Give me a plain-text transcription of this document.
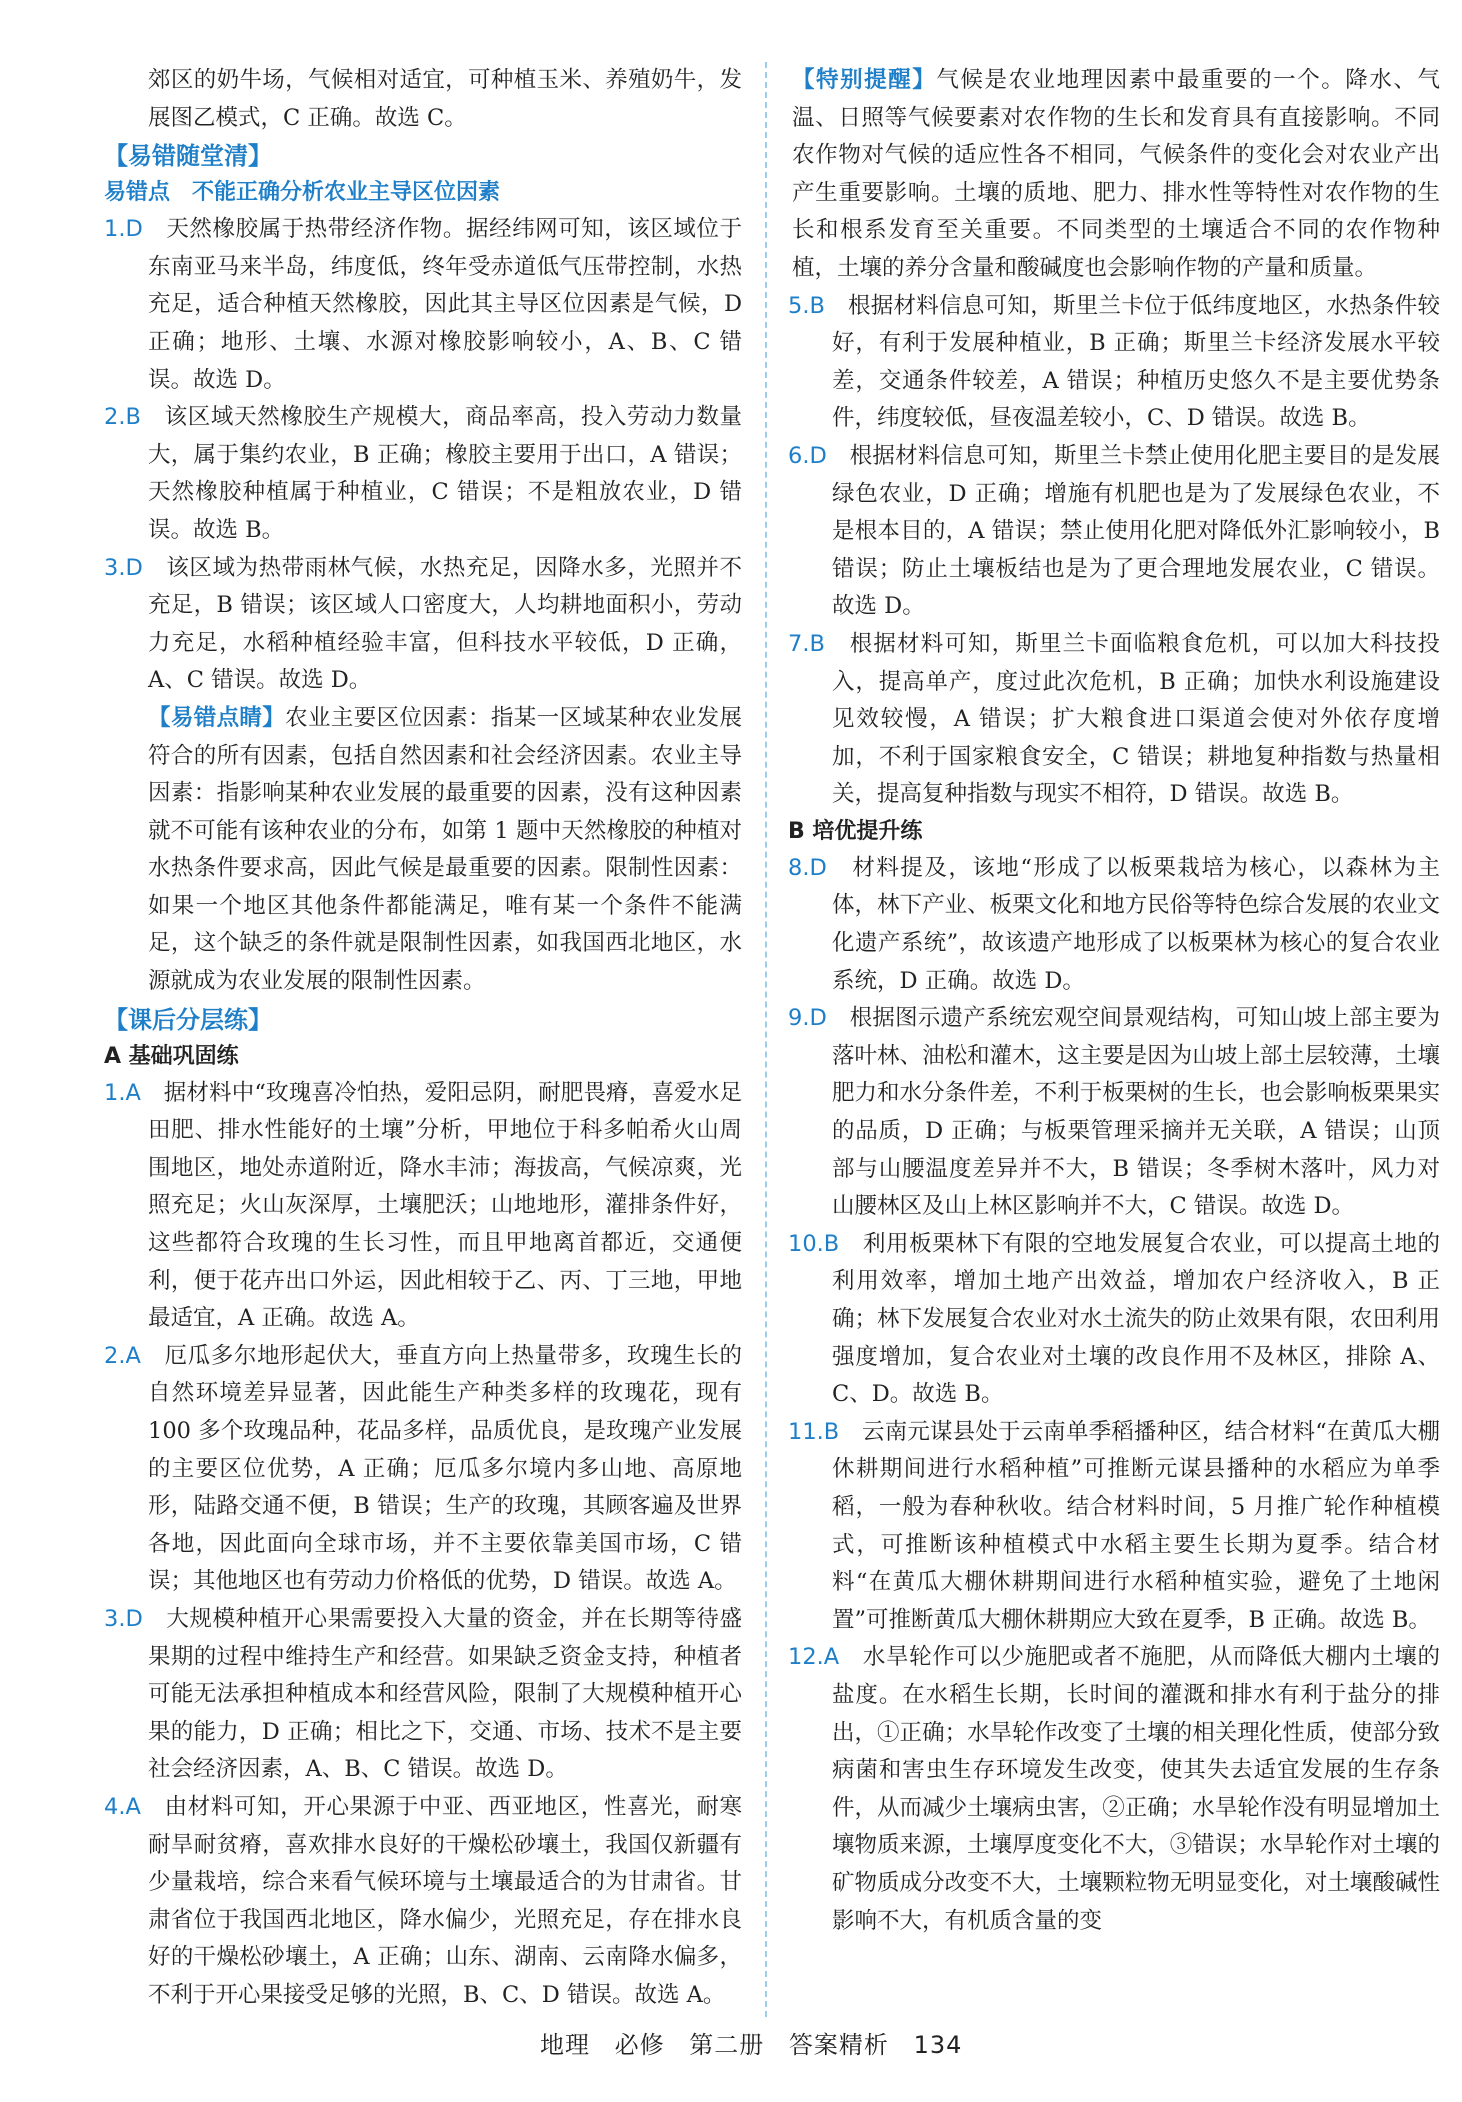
郊区的奶牛场，气候相对适宜，可种植玉米、养殖奶牛，发展图乙模式，C 正确。故选 C。

【易错随堂清】
易错点　不能正确分析农业主导区位因素

1.D　 天然橡胶属于热带经济作物。据经纬网可知，该区域位于东南亚马来半岛，纬度低，终年受赤道低气压带控制，水热充足，适合种植天然橡胶，因此其主导区位因素是气候，D 正确；地形、土壤、水源对橡胶影响较小，A、B、C 错误。故选 D。

2.B　 该区域天然橡胶生产规模大，商品率高，投入劳动力数量大，属于集约农业，B 正确；橡胶主要用于出口，A 错误；天然橡胶种植属于种植业，C 错误；不是粗放农业，D 错误。故选 B。

3.D　 该区域为热带雨林气候，水热充足，因降水多，光照并不充足，B 错误；该区域人口密度大，人均耕地面积小，劳动力充足，水稻种植经验丰富，但科技水平较低，D 正确，A、C 错误。故选 D。

【易错点睛】农业主要区位因素：指某一区域某种农业发展符合的所有因素，包括自然因素和社会经济因素。农业主导因素：指影响某种农业发展的最重要的因素，没有这种因素就不可能有该种农业的分布，如第 1 题中天然橡胶的种植对水热条件要求高，因此气候是最重要的因素。限制性因素：如果一个地区其他条件都能满足，唯有某一个条件不能满足，这个缺乏的条件就是限制性因素，如我国西北地区，水源就成为农业发展的限制性因素。

【课后分层练】
A 基础巩固练

1.A　 据材料中“玫瑰喜冷怕热，爱阳忌阴，耐肥畏瘠，喜爱水足田肥、排水性能好的土壤”分析，甲地位于科多帕希火山周围地区，地处赤道附近，降水丰沛；海拔高，气候凉爽，光照充足；火山灰深厚，土壤肥沃；山地地形，灌排条件好，这些都符合玫瑰的生长习性，而且甲地离首都近，交通便利，便于花卉出口外运，因此相较于乙、丙、丁三地，甲地最适宜，A 正确。故选 A。

2.A　 厄瓜多尔地形起伏大，垂直方向上热量带多，玫瑰生长的自然环境差异显著，因此能生产种类多样的玫瑰花，现有 100 多个玫瑰品种，花品多样，品质优良，是玫瑰产业发展的主要区位优势，A 正确；厄瓜多尔境内多山地、高原地形，陆路交通不便，B 错误；生产的玫瑰，其顾客遍及世界各地，因此面向全球市场，并不主要依靠美国市场，C 错误；其他地区也有劳动力价格低的优势，D 错误。故选 A。

3.D　 大规模种植开心果需要投入大量的资金，并在长期等待盛果期的过程中维持生产和经营。如果缺乏资金支持，种植者可能无法承担种植成本和经营风险，限制了大规模种植开心果的能力，D 正确；相比之下，交通、市场、技术不是主要社会经济因素，A、B、C 错误。故选 D。

4.A　 由材料可知，开心果源于中亚、西亚地区，性喜光，耐寒耐旱耐贫瘠，喜欢排水良好的干燥松砂壤土，我国仅新疆有少量栽培，综合来看气候环境与土壤最适合的为甘肃省。甘肃省位于我国西北地区，降水偏少，光照充足，存在排水良好的干燥松砂壤土，A 正确；山东、湖南、云南降水偏多，不利于开心果接受足够的光照，B、C、D 错误。故选 A。

【特别提醒】气候是农业地理因素中最重要的一个。降水、气温、日照等气候要素对农作物的生长和发育具有直接影响。不同农作物对气候的适应性各不相同，气候条件的变化会对农业产出产生重要影响。土壤的质地、肥力、排水性等特性对农作物的生长和根系发育至关重要。不同类型的土壤适合不同的农作物种植，土壤的养分含量和酸碱度也会影响作物的产量和质量。

5.B　 根据材料信息可知，斯里兰卡位于低纬度地区，水热条件较好，有利于发展种植业，B 正确；斯里兰卡经济发展水平较差，交通条件较差，A 错误；种植历史悠久不是主要优势条件，纬度较低，昼夜温差较小，C、D 错误。故选 B。

6.D　 根据材料信息可知，斯里兰卡禁止使用化肥主要目的是发展绿色农业，D 正确；增施有机肥也是为了发展绿色农业，不是根本目的，A 错误；禁止使用化肥对降低外汇影响较小，B 错误；防止土壤板结也是为了更合理地发展农业，C 错误。故选 D。

7.B　 根据材料可知，斯里兰卡面临粮食危机，可以加大科技投入，提高单产，度过此次危机，B 正确；加快水利设施建设见效较慢，A 错误；扩大粮食进口渠道会使对外依存度增加，不利于国家粮食安全，C 错误；耕地复种指数与热量相关，提高复种指数与现实不相符，D 错误。故选 B。

B 培优提升练

8.D　 材料提及，该地“形成了以板栗栽培为核心，以森林为主体，林下产业、板栗文化和地方民俗等特色综合发展的农业文化遗产系统”，故该遗产地形成了以板栗林为核心的复合农业系统，D 正确。故选 D。

9.D　 根据图示遗产系统宏观空间景观结构，可知山坡上部主要为落叶林、油松和灌木，这主要是因为山坡上部土层较薄，土壤肥力和水分条件差，不利于板栗树的生长，也会影响板栗果实的品质，D 正确；与板栗管理采摘并无关联，A 错误；山顶部与山腰温度差异并不大，B 错误；冬季树木落叶，风力对山腰林区及山上林区影响并不大，C 错误。故选 D。

10.B　 利用板栗林下有限的空地发展复合农业，可以提高土地的利用效率，增加土地产出效益，增加农户经济收入，B 正确；林下发展复合农业对水土流失的防止效果有限，农田利用强度增加，复合农业对土壤的改良作用不及林区，排除 A、C、D。故选 B。

11.B　 云南元谋县处于云南单季稻播种区，结合材料“在黄瓜大棚休耕期间进行水稻种植”可推断元谋县播种的水稻应为单季稻，一般为春种秋收。结合材料时间，5 月推广轮作种植模式，可推断该种植模式中水稻主要生长期为夏季。结合材料“在黄瓜大棚休耕期间进行水稻种植实验，避免了土地闲置”可推断黄瓜大棚休耕期应大致在夏季，B 正确。故选 B。

12.A　 水旱轮作可以少施肥或者不施肥，从而降低大棚内土壤的盐度。在水稻生长期，长时间的灌溉和排水有利于盐分的排出，①正确；水旱轮作改变了土壤的相关理化性质，使部分致病菌和害虫生存环境发生改变，使其失去适宜发展的生存条件，从而减少土壤病虫害，②正确；水旱轮作没有明显增加土壤物质来源，土壤厚度变化不大，③错误；水旱轮作对土壤的矿物质成分改变不大，土壤颗粒物无明显变化，对土壤酸碱性影响不大，有机质含量的变

地理 必修 第二册 答案精析 134
